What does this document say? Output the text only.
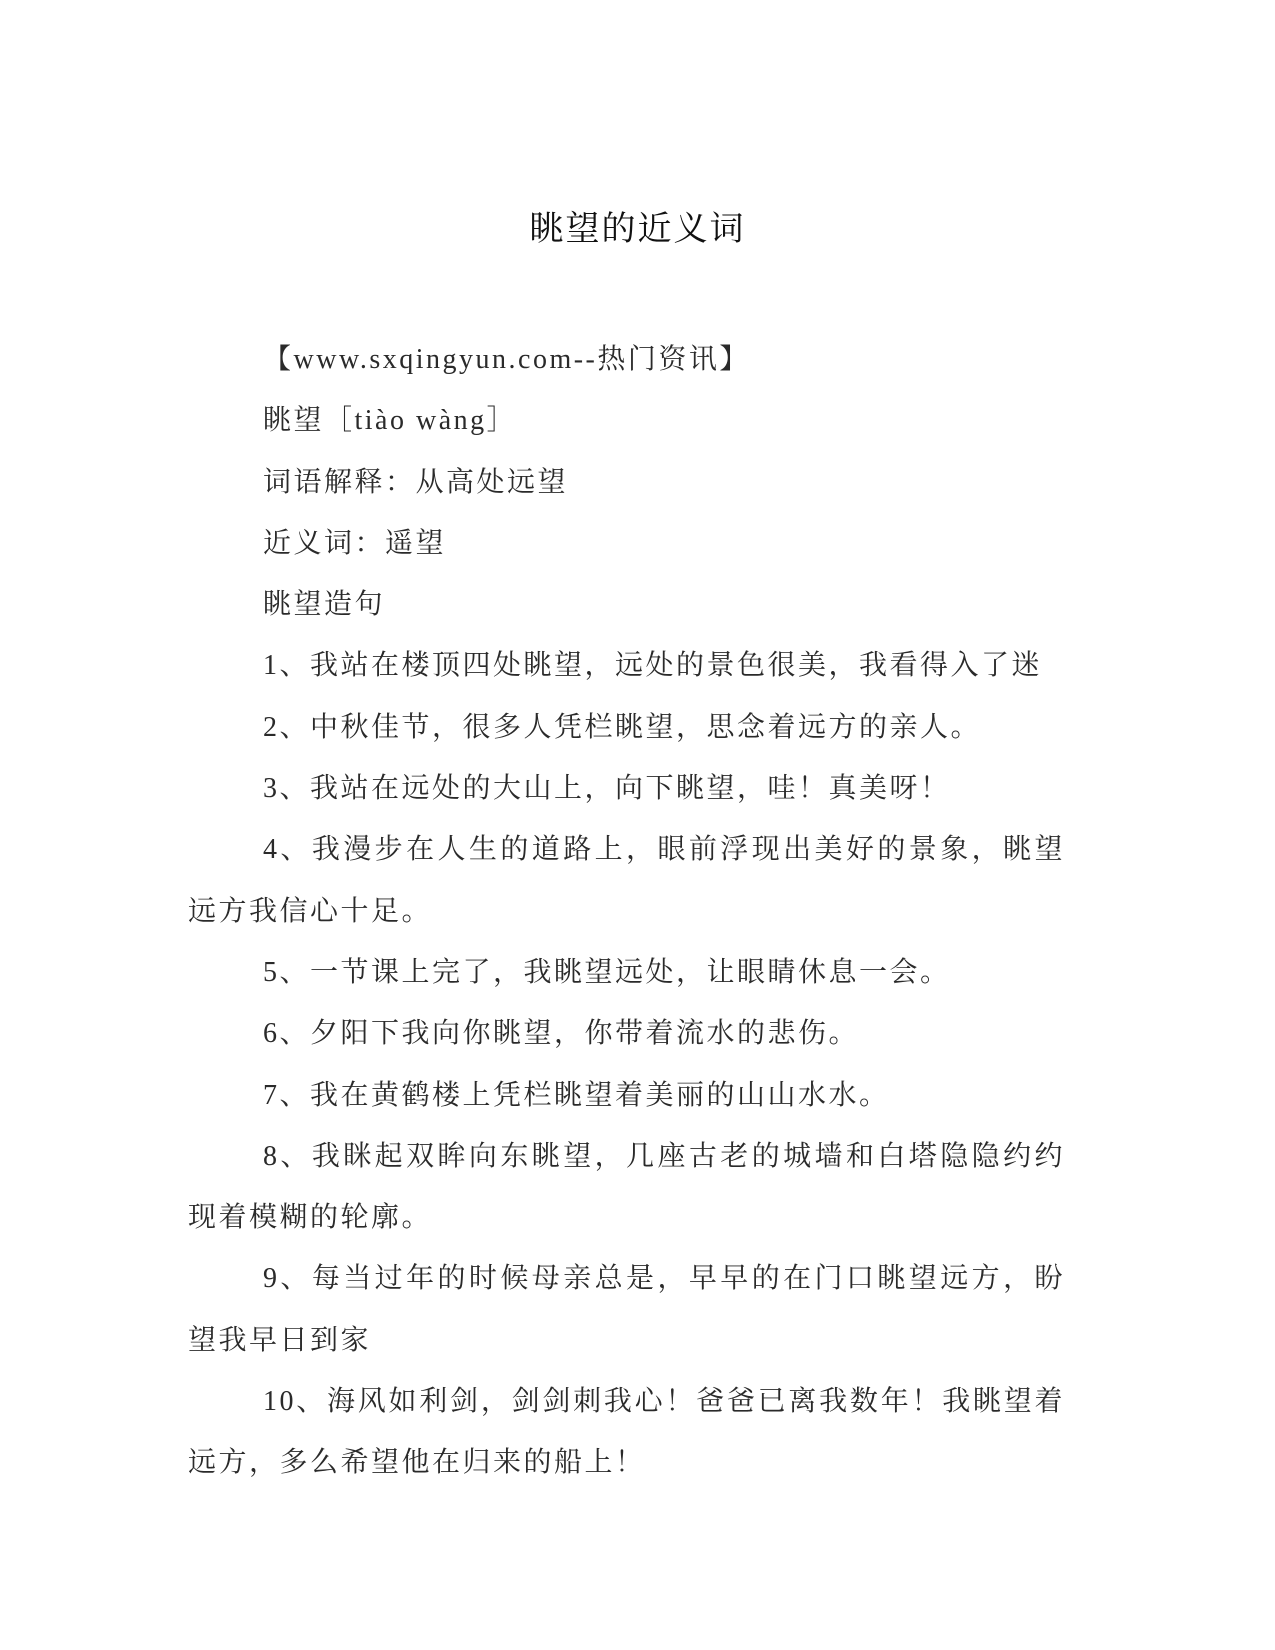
眺望的近义词

【www.sxqingyun.com--热门资讯】

眺望［tiào wàng］

词语解释：从高处远望

近义词：遥望

眺望造句

1、我站在楼顶四处眺望，远处的景色很美，我看得入了迷

2、中秋佳节，很多人凭栏眺望，思念着远方的亲人。

3、我站在远处的大山上，向下眺望，哇！真美呀！

4、我漫步在人生的道路上，眼前浮现出美好的景象，眺望远方我信心十足。

5、一节课上完了，我眺望远处，让眼睛休息一会。

6、夕阳下我向你眺望，你带着流水的悲伤。

7、我在黄鹤楼上凭栏眺望着美丽的山山水水。

8、我眯起双眸向东眺望，几座古老的城墙和白塔隐隐约约现着模糊的轮廓。

9、每当过年的时候母亲总是，早早的在门口眺望远方，盼望我早日到家

10、海风如利剑，剑剑刺我心！爸爸已离我数年！我眺望着远方，多么希望他在归来的船上！
